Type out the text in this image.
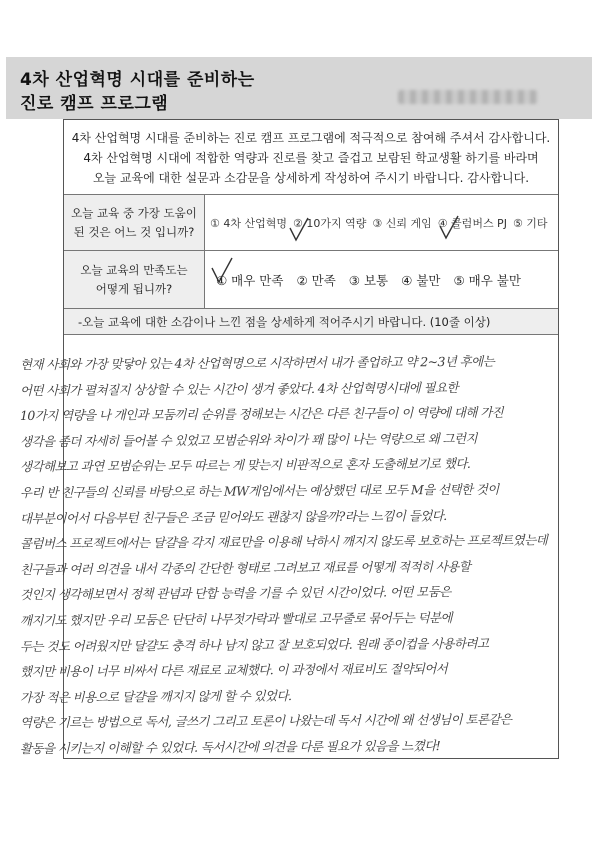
4차 산업혁명 시대를 준비하는
진로 캠프 프로그램
4차 산업혁명 시대를 준비하는 진로 캠프 프로그램에 적극적으로 참여해 주셔서 감사합니다.
4차 산업혁명 시대에 적합한 역량과 진로를 찾고 즐겁고 보람된 학교생활 하기를 바라며
오늘 교육에 대한 설문과 소감문을 상세하게 작성하여 주시기 바랍니다. 감사합니다.
오늘 교육 중 가장 도움이
된 것은 어느 것 입니까?
① 4차 산업혁명 ② 10가지 역량 ③ 신뢰 게임 ④ 콜럼버스 PJ ⑤ 기타
오늘 교육의 만족도는
어떻게 됩니까?
① 매우 만족 ② 만족 ③ 보통 ④ 불만 ⑤ 매우 불만
-오늘 교육에 대한 소감이나 느낀 점을 상세하게 적어주시기 바랍니다. (10줄 이상)
현재 사회와 가장 맞닿아 있는 4차 산업혁명으로 시작하면서 내가 졸업하고 약 2~3년 후에는
어떤 사회가 펼쳐질지 상상할 수 있는 시간이 생겨 좋았다. 4차 산업혁명시대에 필요한
10가지 역량을 나 개인과 모둠끼리 순위를 정해보는 시간은 다른 친구들이 이 역량에 대해 가진
생각을 좀더 자세히 들어볼 수 있었고 모범순위와 차이가 꽤 많이 나는 역량으로 왜 그런지
생각해보고 과연 모범순위는 모두 따르는 게 맞는지 비판적으로 혼자 도출해보기로 했다.
우리 반 친구들의 신뢰를 바탕으로 하는 MW게임에서는 예상했던 대로 모두 M을 선택한 것이
대부분이어서 다음부턴 친구들은 조금 믿어와도 괜찮지 않을까?라는 느낌이 들었다.
콜럼버스 프로젝트에서는 달걀을 각지 재료만을 이용해 낙하시 깨지지 않도록 보호하는 프로젝트였는데
친구들과 여러 의견을 내서 각종의 간단한 형태로 그려보고 재료를 어떻게 적적히 사용할
것인지 생각해보면서 정책 관념과 단합 능력을 기를 수 있던 시간이었다. 어떤 모둠은
깨지기도 했지만 우리 모둠은 단단히 나무젓가락과 빨대로 고무줄로 묶어두는 덕분에
두는 것도 어려웠지만 달걀도 충격 하나 남지 않고 잘 보호되었다. 원래 종이컵을 사용하려고
했지만 비용이 너무 비싸서 다른 재료로 교체했다. 이 과정에서 재료비도 절약되어서
가장 적은 비용으로 달걀을 깨지지 않게 할 수 있었다.
역량은 기르는 방법으로 독서, 글쓰기 그리고 토론이 나왔는데 독서 시간에 왜 선생님이 토론같은
활동을 시키는지 이해할 수 있었다. 독서시간에 의견을 다룬 필요가 있음을 느꼈다!
